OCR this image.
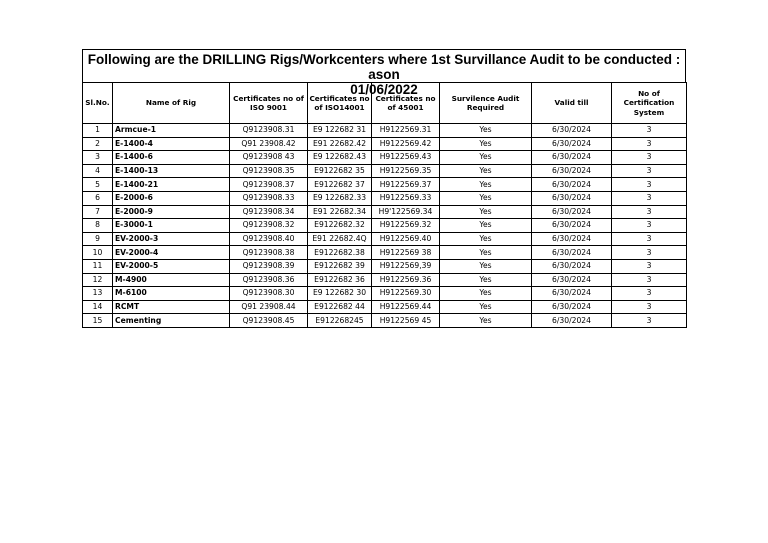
Following are the DRILLING Rigs/Workcenters where 1st Survillance Audit to be conducted : ason
01/06/2022
Sl.No.	Name of Rig	Certificates no of ISO 9001	Certificates no of ISO14001	Certificates no of 45001	Survilence Audit Required	Valid till	No of Certification System
1	Armcue-1	Q9123908.31	E9 122682 31	H9122569.31	Yes	6/30/2024	3
2	E-1400-4	Q91 23908.42	E91 22682.42	H9122569.42	Yes	6/30/2024	3
3	E-1400-6	Q9123908 43	E9 122682.43	H9122569.43	Yes	6/30/2024	3
4	E-1400-13	Q9123908.35	E9122682 35	H9122569.35	Yes	6/30/2024	3
5	E-1400-21	Q9123908.37	E9122682 37	H9122569.37	Yes	6/30/2024	3
6	E-2000-6	Q9123908.33	E9 122682.33	H9122569.33	Yes	6/30/2024	3
7	E-2000-9	Q9123908.34	E91 22682.34	H9'122569.34	Yes	6/30/2024	3
8	E-3000-1	Q9123908.32	E9122682.32	H9122569.32	Yes	6/30/2024	3
9	EV-2000-3	Q9123908.40	E91 22682.4Q	H9122569.40	Yes	6/30/2024	3
10	EV-2000-4	Q9123908.38	E9122682.38	H9122569 38	Yes	6/30/2024	3
11	EV-2000-5	Q9123908.39	E9122682 39	H9122569,39	Yes	6/30/2024	3
12	M-4900	Q9123908.36	E9122682 36	H9122569.36	Yes	6/30/2024	3
13	M-6100	Q9123908.30	E9 122682 30	H9122569.30	Yes	6/30/2024	3
14	RCMT	Q91 23908.44	E9122682 44	H9122569.44	Yes	6/30/2024	3
15	Cementing	Q9123908.45	E912268245	H9122569 45	Yes	6/30/2024	3
